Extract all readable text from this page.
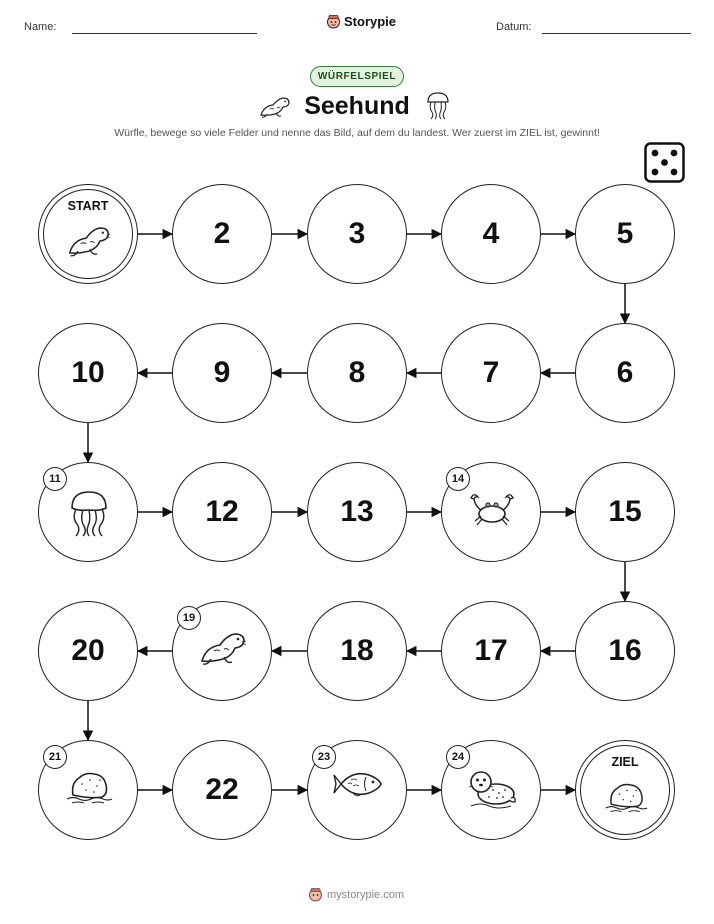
Name:	Storypie	Datum:
WÜRFELSPIEL
Seehund
Würfle, bewege so viele Felder und nenne das Bild, auf dem du landest. Wer zuerst im ZIEL ist, gewinnt!
START
2	3	4	5
6
7
8
9
10
11
12	13
14
15
16
17
18
19
20
21
22
23	24	ZIEL
mystorypie.com
